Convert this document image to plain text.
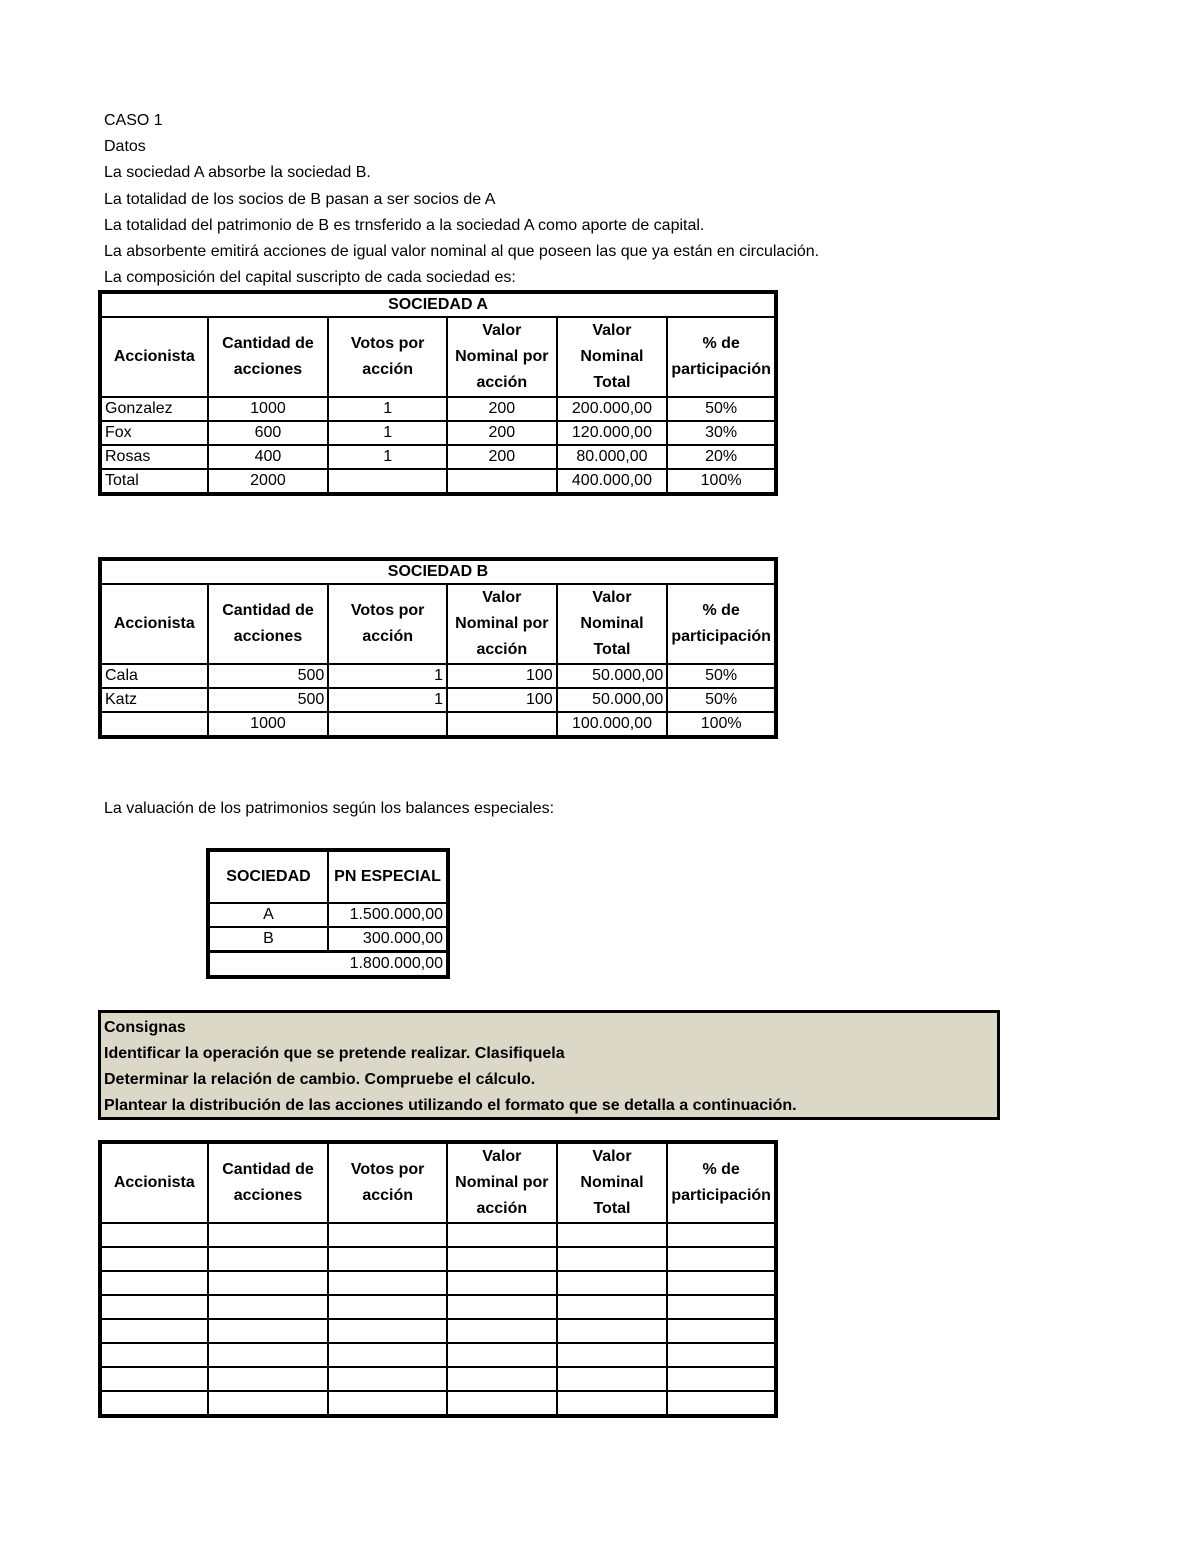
CASO 1
Datos
La sociedad A absorbe la sociedad B.
La totalidad de los socios de B pasan a ser socios de A
La totalidad del patrimonio de B es trnsferido a la sociedad A como aporte de capital.
La absorbente emitirá acciones de igual valor nominal al que poseen las que ya están en circulación.
La composición del capital suscripto de cada sociedad es:
SOCIEDAD A					
Accionista	Cantidad de acciones	Votos por acción	Valor Nominal por acción	Valor Nominal Total	% de participación
Gonzalez	1000	1	200	200.000,00	50%
Fox	600	1	200	120.000,00	30%
Rosas	400	1	200	80.000,00	20%
Total	2000			400.000,00	100%
SOCIEDAD B					
Accionista	Cantidad de acciones	Votos por acción	Valor Nominal por acción	Valor Nominal Total	% de participación
Cala	500	1	100	50.000,00	50%
Katz	500	1	100	50.000,00	50%
	1000			100.000,00	100%
La valuación de los patrimonios según los balances especiales:
SOCIEDAD	PN ESPECIAL
A	1.500.000,00
B	300.000,00
1.800.000,00	
Consignas
Identificar la operación que se pretende realizar. Clasifiquela
Determinar la relación de cambio. Compruebe el cálculo.
Plantear la distribución de las acciones utilizando el formato que se detalla a continuación.
Accionista	Cantidad de acciones	Votos por acción	Valor Nominal por acción	Valor Nominal Total	% de participación
